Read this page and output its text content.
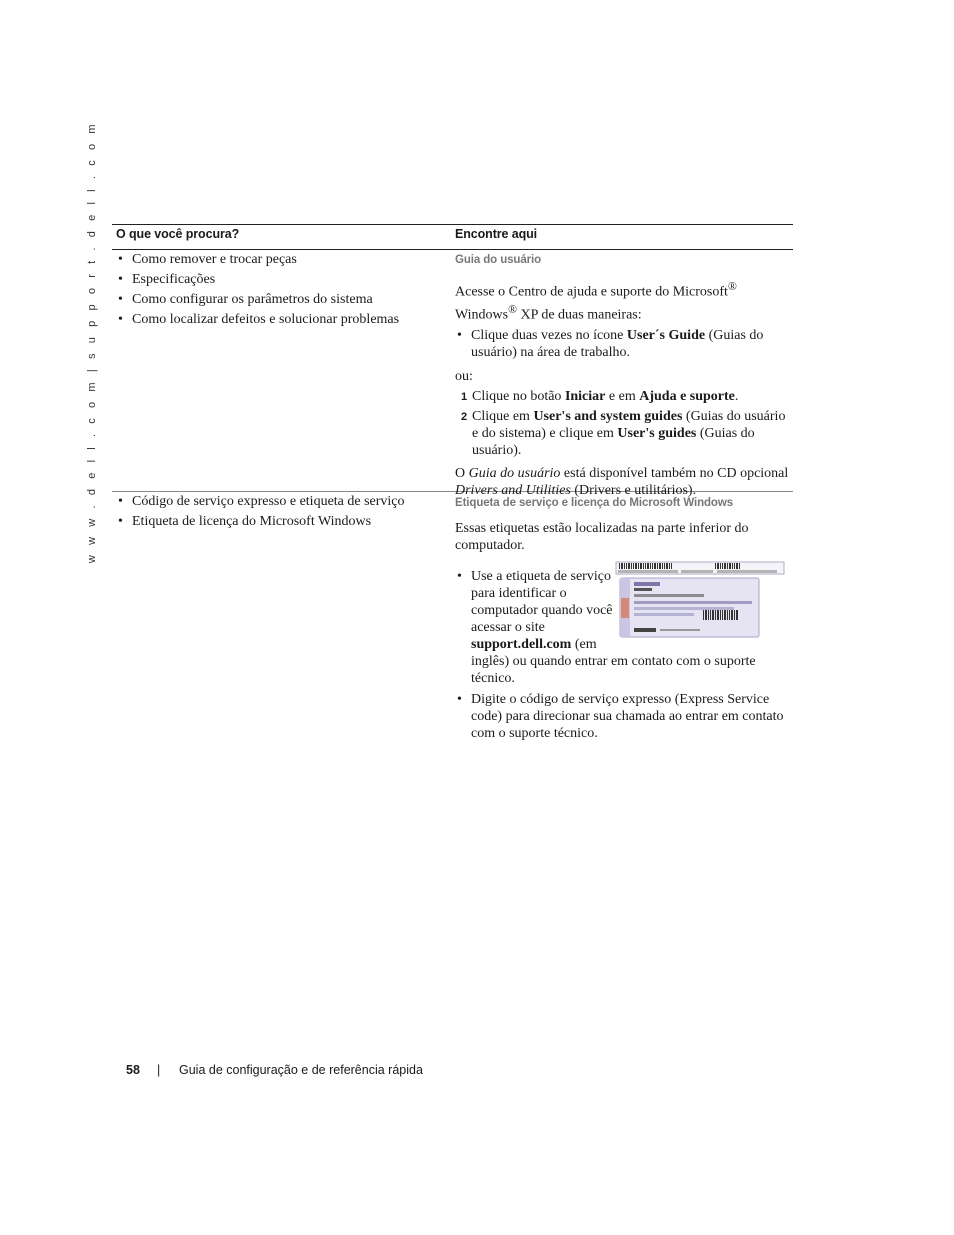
w w w . d e l l . c o m | s u p p o r t . d e l l . c o m O que você procura?	Encontre aqui
• Como remover e trocar peças
• Especificações
• Como configurar os parâmetros do sistema
• Como localizar defeitos e solucionar problemas
Guia do usuário

Acesse o Centro de ajuda e suporte do Microsoft®
Windows® XP de duas maneiras:

• Clique duas vezes no ícone User´s Guide (Guias do usuário) na área de trabalho.

ou:

1 Clique no botão Iniciar e em Ajuda e suporte.
2 Clique em User's and system guides (Guias do usuário e do sistema) e clique em User's guides (Guias do usuário).

O Guia do usuário está disponível também no CD opcional Drivers and Utilities (Drivers e utilitários).

• Código de serviço expresso e etiqueta de serviço
• Etiqueta de licença do Microsoft Windows
Etiqueta de serviço e licença do Microsoft Windows

Essas etiquetas estão localizadas na parte inferior do computador.

• Use a etiqueta de serviço para identificar o computador quando você acessar o site support.dell.com (em inglês) ou quando entrar em contato com o suporte técnico.
• Digite o código de serviço expresso (Express Service code) para direcionar sua chamada ao entrar em contato com o suporte técnico.
58 | Guia de configuração e de referência rápida
